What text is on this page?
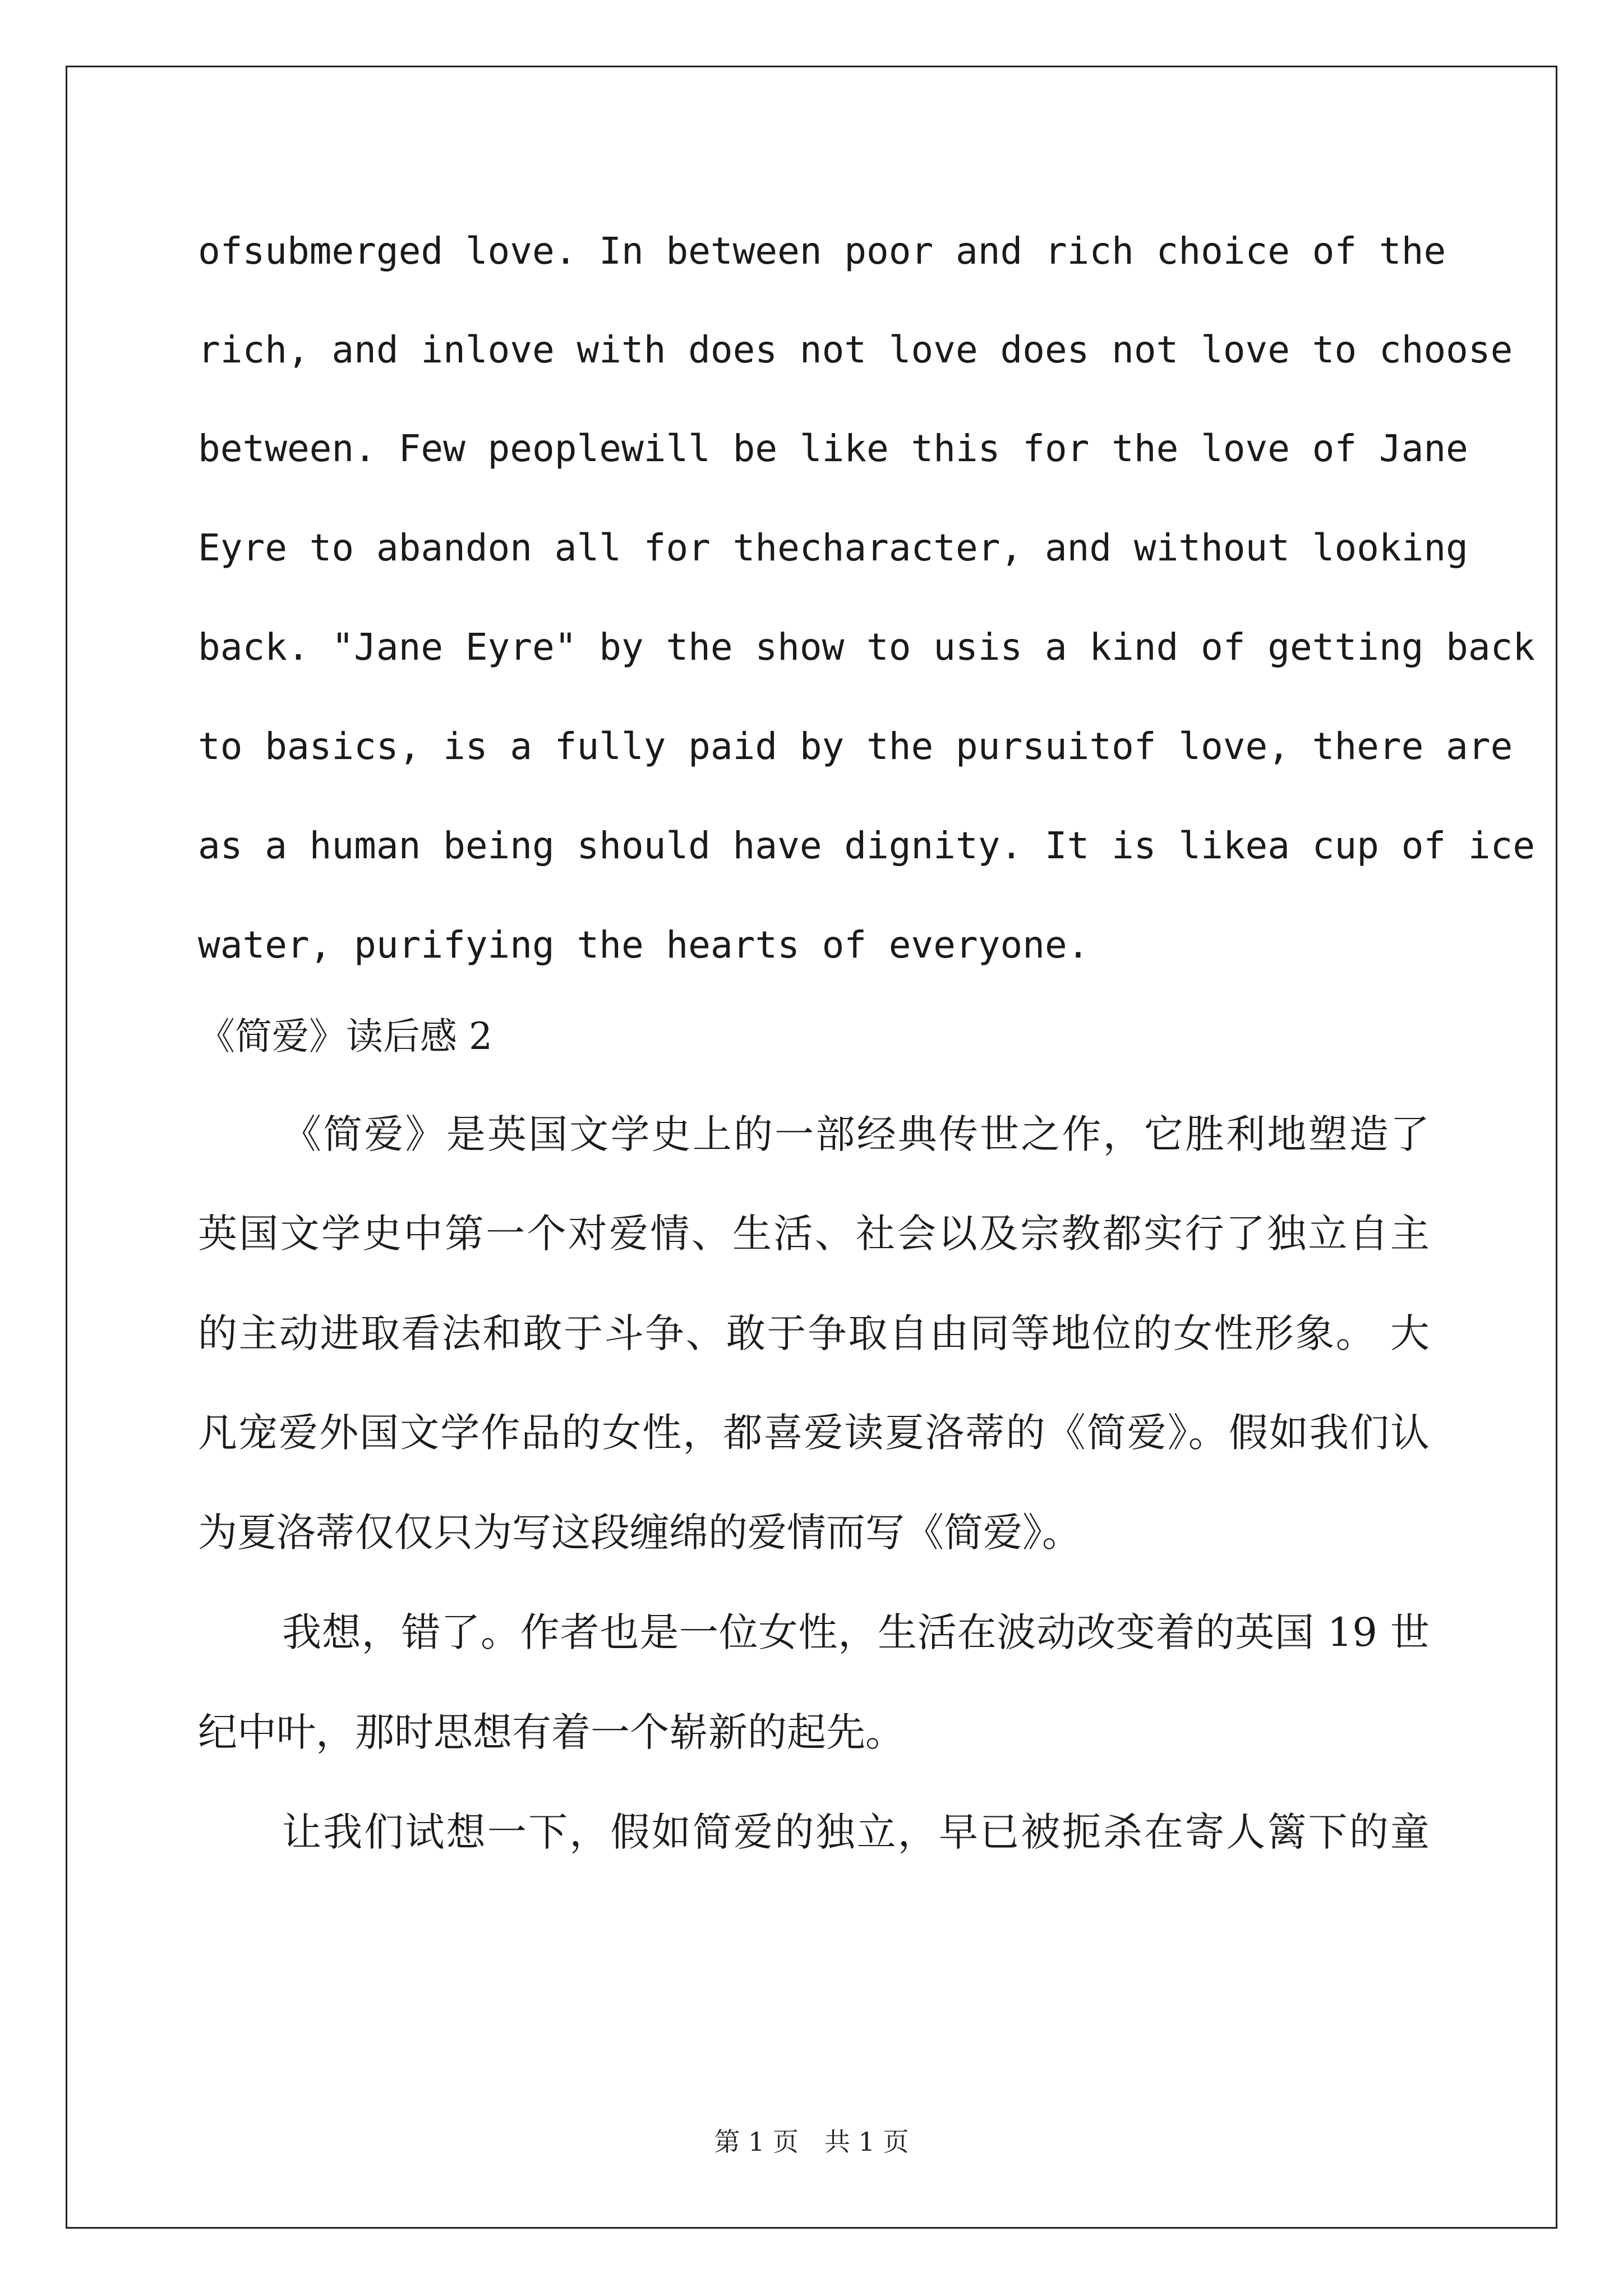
ofsubmerged love. In between poor and rich choice of the
rich, and inlove with does not love does not love to choose
between. Few peoplewill be like this for the love of Jane
Eyre to abandon all for thecharacter, and without looking
back. "Jane Eyre" by the show to usis a kind of getting back
to basics, is a fully paid by the pursuitof love, there are
as a human being should have dignity. It is likea cup of ice
water, purifying the hearts of everyone.
《简爱》读后感 2
《简爱》是英国文学史上的一部经典传世之作，它胜利地塑造了
英国文学史中第一个对爱情、生活、社会以及宗教都实行了独立自主
的主动进取看法和敢于斗争、敢于争取自由同等地位的女性形象。 大
凡宠爱外国文学作品的女性，都喜爱读夏洛蒂的《简爱》。假如我们认
为夏洛蒂仅仅只为写这段缠绵的爱情而写《简爱》。
我想，错了。作者也是一位女性，生活在波动改变着的英国 19 世
纪中叶，那时思想有着一个崭新的起先。
让我们试想一下，假如简爱的独立，早已被扼杀在寄人篱下的童
第 1 页　共 1 页
